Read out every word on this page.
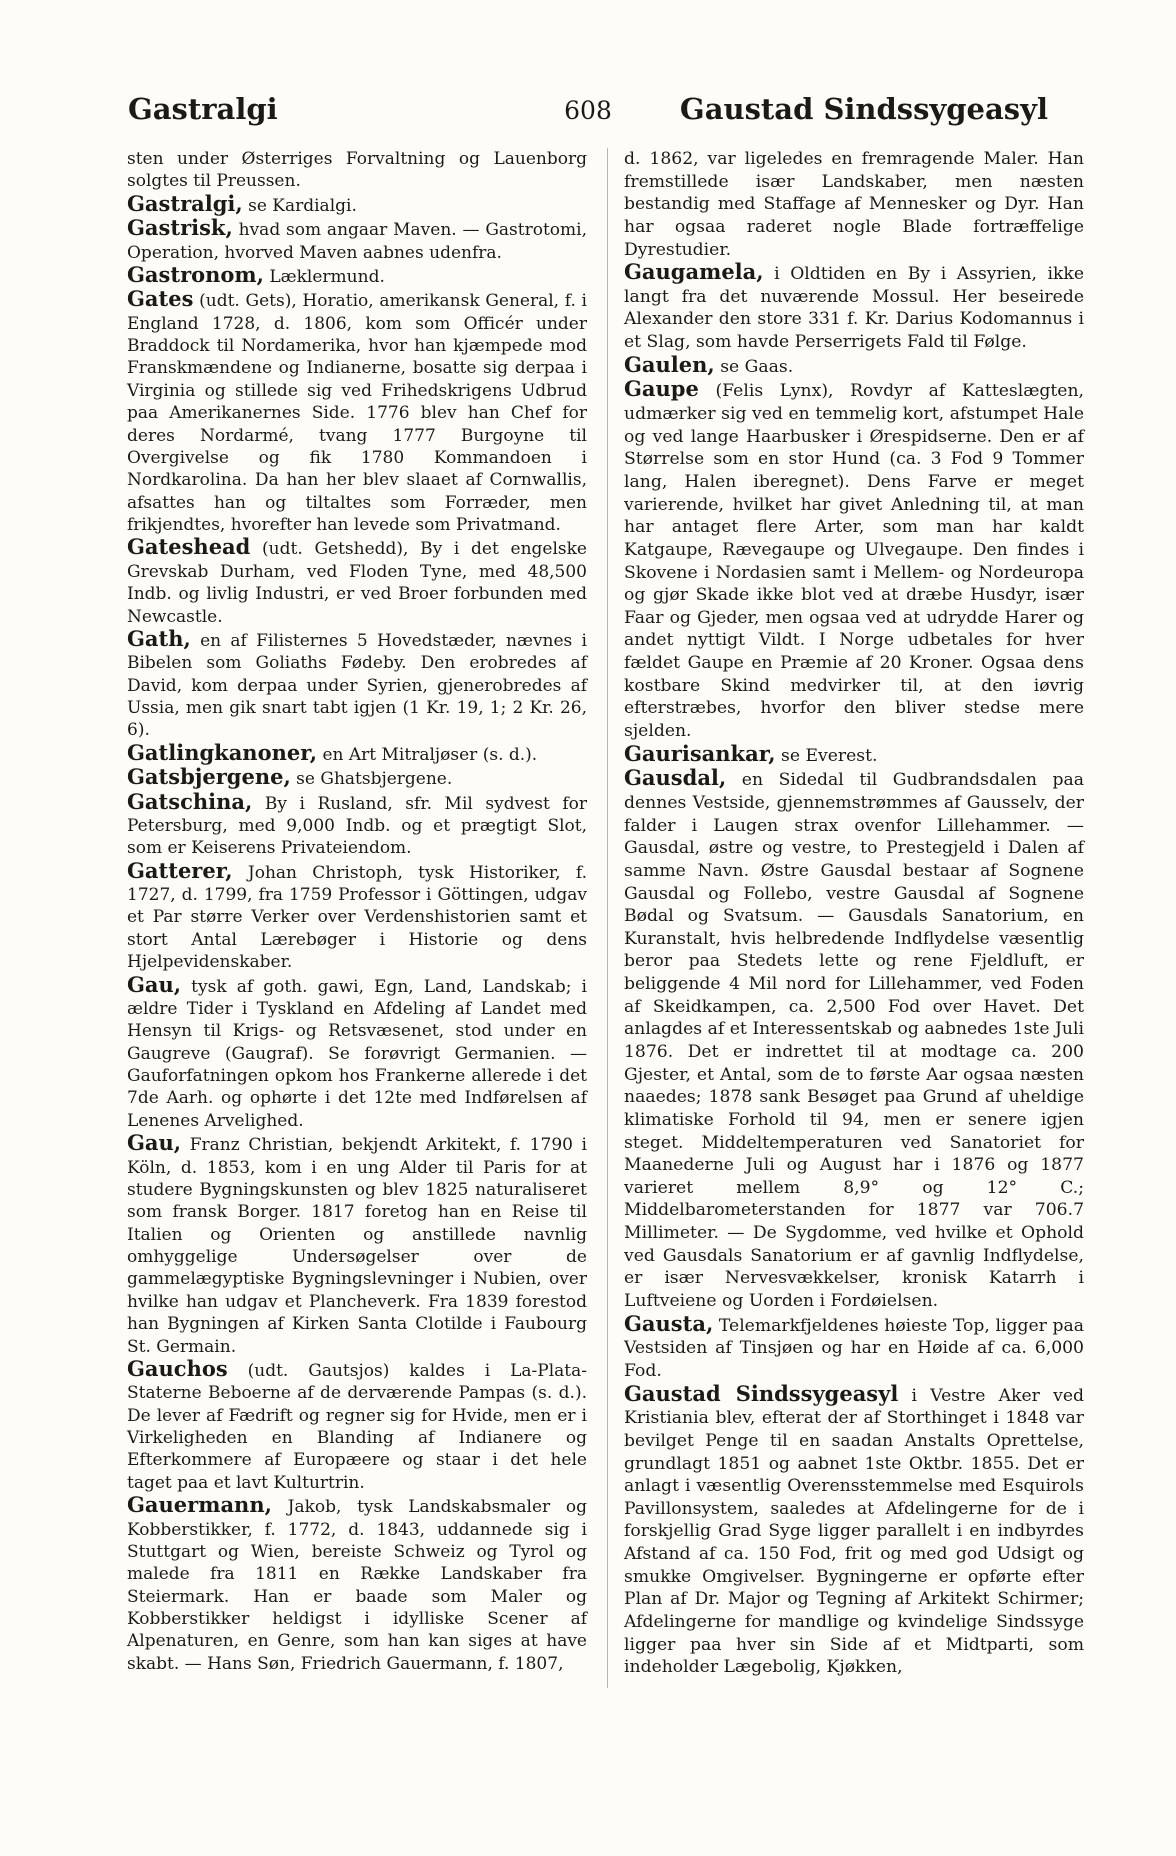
Gastralgi	608	Gaustad Sindssygeasyl

sten under Østerriges Forvaltning og Lauenborg solgtes til Preussen.

Gastralgi, se Kardialgi.

Gastrisk, hvad som angaar Maven. — Gastrotomi, Operation, hvorved Maven aabnes udenfra.

Gastronom, Læklermund.

Gates (udt. Gets), Horatio, amerikansk General, f. i England 1728, d. 1806, kom som Officér under Braddock til Nordamerika, hvor han kjæmpede mod Franskmændene og Indianerne, bosatte sig derpaa i Virginia og stillede sig ved Frihedskrigens Udbrud paa Amerikanernes Side. 1776 blev han Chef for deres Nordarmé, tvang 1777 Burgoyne til Overgivelse og fik 1780 Kommandoen i Nordkarolina. Da han her blev slaaet af Cornwallis, afsattes han og tiltaltes som Forræder, men frikjendtes, hvorefter han levede som Privatmand.

Gateshead (udt. Getshedd), By i det engelske Grevskab Durham, ved Floden Tyne, med 48,500 Indb. og livlig Industri, er ved Broer forbunden med Newcastle.

Gath, en af Filisternes 5 Hovedstæder, nævnes i Bibelen som Goliaths Fødeby. Den erobredes af David, kom derpaa under Syrien, gjenerobredes af Ussia, men gik snart tabt igjen (1 Kr. 19, 1; 2 Kr. 26, 6).

Gatlingkanoner, en Art Mitraljøser (s. d.).

Gatsbjergene, se Ghatsbjergene.

Gatschina, By i Rusland, sfr. Mil sydvest for Petersburg, med 9,000 Indb. og et prægtigt Slot, som er Keiserens Privateiendom.

Gatterer, Johan Christoph, tysk Historiker, f. 1727, d. 1799, fra 1759 Professor i Göttingen, udgav et Par større Verker over Verdenshistorien samt et stort Antal Lærebøger i Historie og dens Hjelpevidenskaber.

Gau, tysk af goth. gawi, Egn, Land, Landskab; i ældre Tider i Tyskland en Afdeling af Landet med Hensyn til Krigs- og Retsvæsenet, stod under en Gaugreve (Gaugraf). Se forøvrigt Germanien. — Gauforfatningen opkom hos Frankerne allerede i det 7de Aarh. og ophørte i det 12te med Indførelsen af Lenenes Arvelighed.

Gau, Franz Christian, bekjendt Arkitekt, f. 1790 i Köln, d. 1853, kom i en ung Alder til Paris for at studere Bygningskunsten og blev 1825 naturaliseret som fransk Borger. 1817 foretog han en Reise til Italien og Orienten og anstillede navnlig omhyggelige Undersøgelser over de gammelægyptiske Bygningslevninger i Nubien, over hvilke han udgav et Plancheverk. Fra 1839 forestod han Bygningen af Kirken Santa Clotilde i Faubourg St. Germain.

Gauchos (udt. Gautsjos) kaldes i La-Plata-Staterne Beboerne af de derværende Pampas (s. d.). De lever af Fædrift og regner sig for Hvide, men er i Virkeligheden en Blanding af Indianere og Efterkommere af Europæere og staar i det hele taget paa et lavt Kulturtrin.

Gauermann, Jakob, tysk Landskabsmaler og Kobberstikker, f. 1772, d. 1843, uddannede sig i Stuttgart og Wien, bereiste Schweiz og Tyrol og malede fra 1811 en Række Landskaber fra Steiermark. Han er baade som Maler og Kobberstikker heldigst i idylliske Scener af Alpenaturen, en Genre, som han kan siges at have skabt. — Hans Søn, Friedrich Gauermann, f. 1807,

d. 1862, var ligeledes en fremragende Maler. Han fremstillede især Landskaber, men næsten bestandig med Staffage af Mennesker og Dyr. Han har ogsaa raderet nogle Blade fortræffelige Dyrestudier.

Gaugamela, i Oldtiden en By i Assyrien, ikke langt fra det nuværende Mossul. Her beseirede Alexander den store 331 f. Kr. Darius Kodomannus i et Slag, som havde Perserrigets Fald til Følge.

Gaulen, se Gaas.

Gaupe (Felis Lynx), Rovdyr af Katteslægten, udmærker sig ved en temmelig kort, afstumpet Hale og ved lange Haarbusker i Ørespidserne. Den er af Størrelse som en stor Hund (ca. 3 Fod 9 Tommer lang, Halen iberegnet). Dens Farve er meget varierende, hvilket har givet Anledning til, at man har antaget flere Arter, som man har kaldt Katgaupe, Rævegaupe og Ulvegaupe. Den findes i Skovene i Nordasien samt i Mellem- og Nordeuropa og gjør Skade ikke blot ved at dræbe Husdyr, især Faar og Gjeder, men ogsaa ved at udrydde Harer og andet nyttigt Vildt. I Norge udbetales for hver fældet Gaupe en Præmie af 20 Kroner. Ogsaa dens kostbare Skind medvirker til, at den iøvrig efterstræbes, hvorfor den bliver stedse mere sjelden.

Gaurisankar, se Everest.

Gausdal, en Sidedal til Gudbrandsdalen paa dennes Vestside, gjennemstrømmes af Gausselv, der falder i Laugen strax ovenfor Lillehammer. — Gausdal, østre og vestre, to Prestegjeld i Dalen af samme Navn. Østre Gausdal bestaar af Sognene Gausdal og Follebo, vestre Gausdal af Sognene Bødal og Svatsum. — Gausdals Sanatorium, en Kuranstalt, hvis helbredende Indflydelse væsentlig beror paa Stedets lette og rene Fjeldluft, er beliggende 4 Mil nord for Lillehammer, ved Foden af Skeidkampen, ca. 2,500 Fod over Havet. Det anlagdes af et Interessentskab og aabnedes 1ste Juli 1876. Det er indrettet til at modtage ca. 200 Gjester, et Antal, som de to første Aar ogsaa næsten naaedes; 1878 sank Besøget paa Grund af uheldige klimatiske Forhold til 94, men er senere igjen steget. Middeltemperaturen ved Sanatoriet for Maanederne Juli og August har i 1876 og 1877 varieret mellem 8,9° og 12° C.; Middelbarometerstanden for 1877 var 706.7 Millimeter. — De Sygdomme, ved hvilke et Ophold ved Gausdals Sanatorium er af gavnlig Indflydelse, er især Nervesvækkelser, kronisk Katarrh i Luftveiene og Uorden i Fordøielsen.

Gausta, Telemarkfjeldenes høieste Top, ligger paa Vestsiden af Tinsjøen og har en Høide af ca. 6,000 Fod.

Gaustad Sindssygeasyl i Vestre Aker ved Kristiania blev, efterat der af Storthinget i 1848 var bevilget Penge til en saadan Anstalts Oprettelse, grundlagt 1851 og aabnet 1ste Oktbr. 1855. Det er anlagt i væsentlig Overensstemmelse med Esquirols Pavillonsystem, saaledes at Afdelingerne for de i forskjellig Grad Syge ligger parallelt i en indbyrdes Afstand af ca. 150 Fod, frit og med god Udsigt og smukke Omgivelser. Bygningerne er opførte efter Plan af Dr. Major og Tegning af Arkitekt Schirmer; Afdelingerne for mandlige og kvindelige Sindssyge ligger paa hver sin Side af et Midtparti, som indeholder Lægebolig, Kjøkken,
